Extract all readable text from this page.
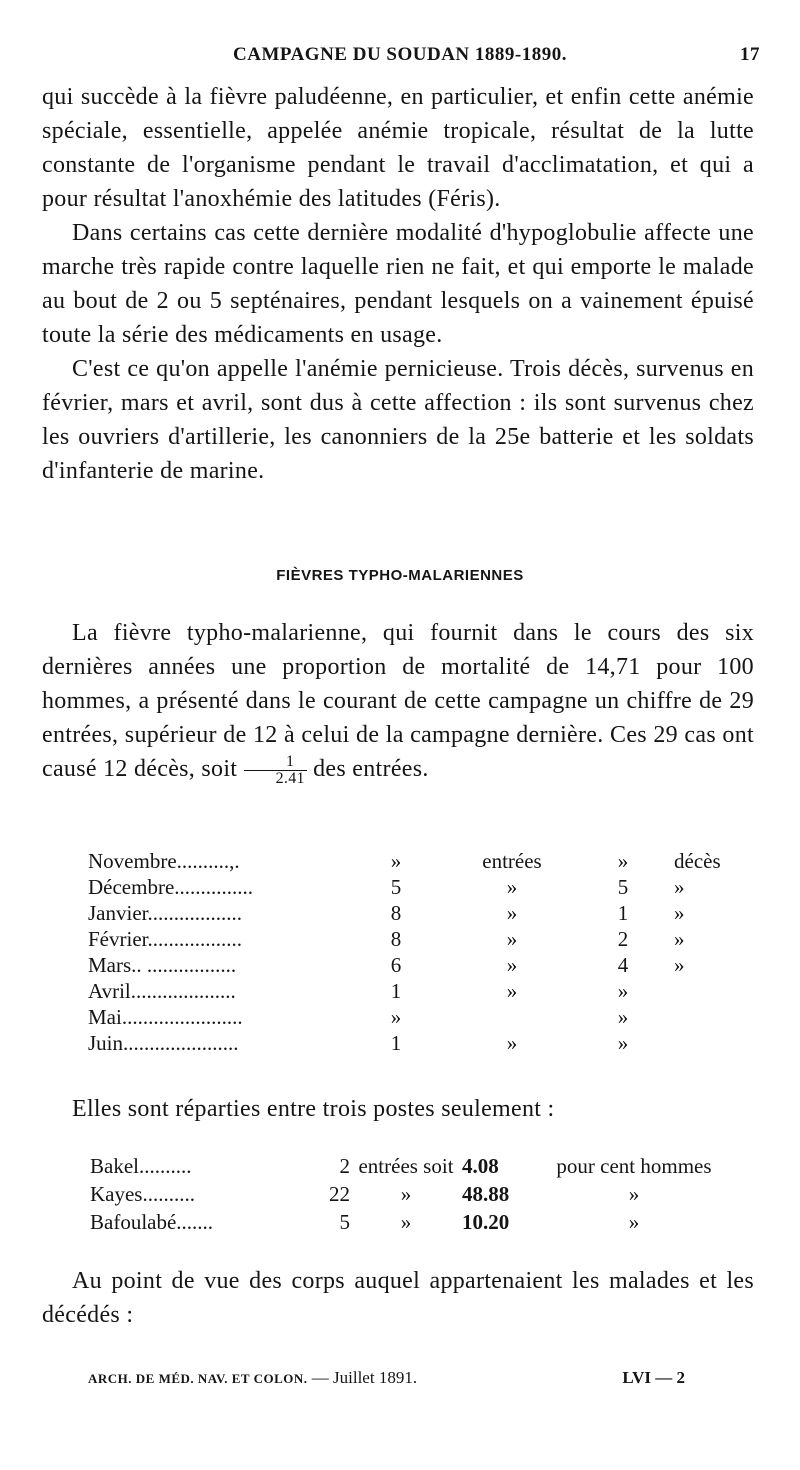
CAMPAGNE DU SOUDAN 1889-1890.	17

qui succède à la fièvre paludéenne, en particulier, et enfin cette anémie spéciale, essentielle, appelée anémie tropicale, résultat de la lutte constante de l'organisme pendant le travail d'acclimatation, et qui a pour résultat l'anoxhémie des latitudes (Féris).

Dans certains cas cette dernière modalité d'hypoglobulie affecte une marche très rapide contre laquelle rien ne fait, et qui emporte le malade au bout de 2 ou 5 septénaires, pendant lesquels on a vainement épuisé toute la série des médicaments en usage.

C'est ce qu'on appelle l'anémie pernicieuse. Trois décès, survenus en février, mars et avril, sont dus à cette affection : ils sont survenus chez les ouvriers d'artillerie, les canonniers de la 25e batterie et les soldats d'infanterie de marine.

FIÈVRES TYPHO-MALARIENNES

La fièvre typho-malarienne, qui fournit dans le cours des six dernières années une proportion de mortalité de 14,71 pour 100 hommes, a présenté dans le courant de cette campagne un chiffre de 29 entrées, supérieur de 12 à celui de la campagne dernière. Ces 29 cas ont causé 12 décès, soit $\frac{1}{2.41}$ des entrées.

Novembre..........,.	»	entrées	»	décès
Décembre...............	5	»	5	»
Janvier..................	8	»	1	»
Février..................	8	»	2	»
Mars.. .................	6	»	4	»
Avril....................	1	»	»	
Mai.......................	»		»	
Juin......................	1	»	»	

Elles sont réparties entre trois postes seulement :

Bakel..........	2	entrées soit	4.08	pour cent hommes
Kayes..........	22	»	48.88	»
Bafoulabé.......	5	»	10.20	»

Au point de vue des corps auquel appartenaient les malades et les décédés :

ARCH. DE MÉD. NAV. ET COLON. — Juillet 1891.	LVI — 2
